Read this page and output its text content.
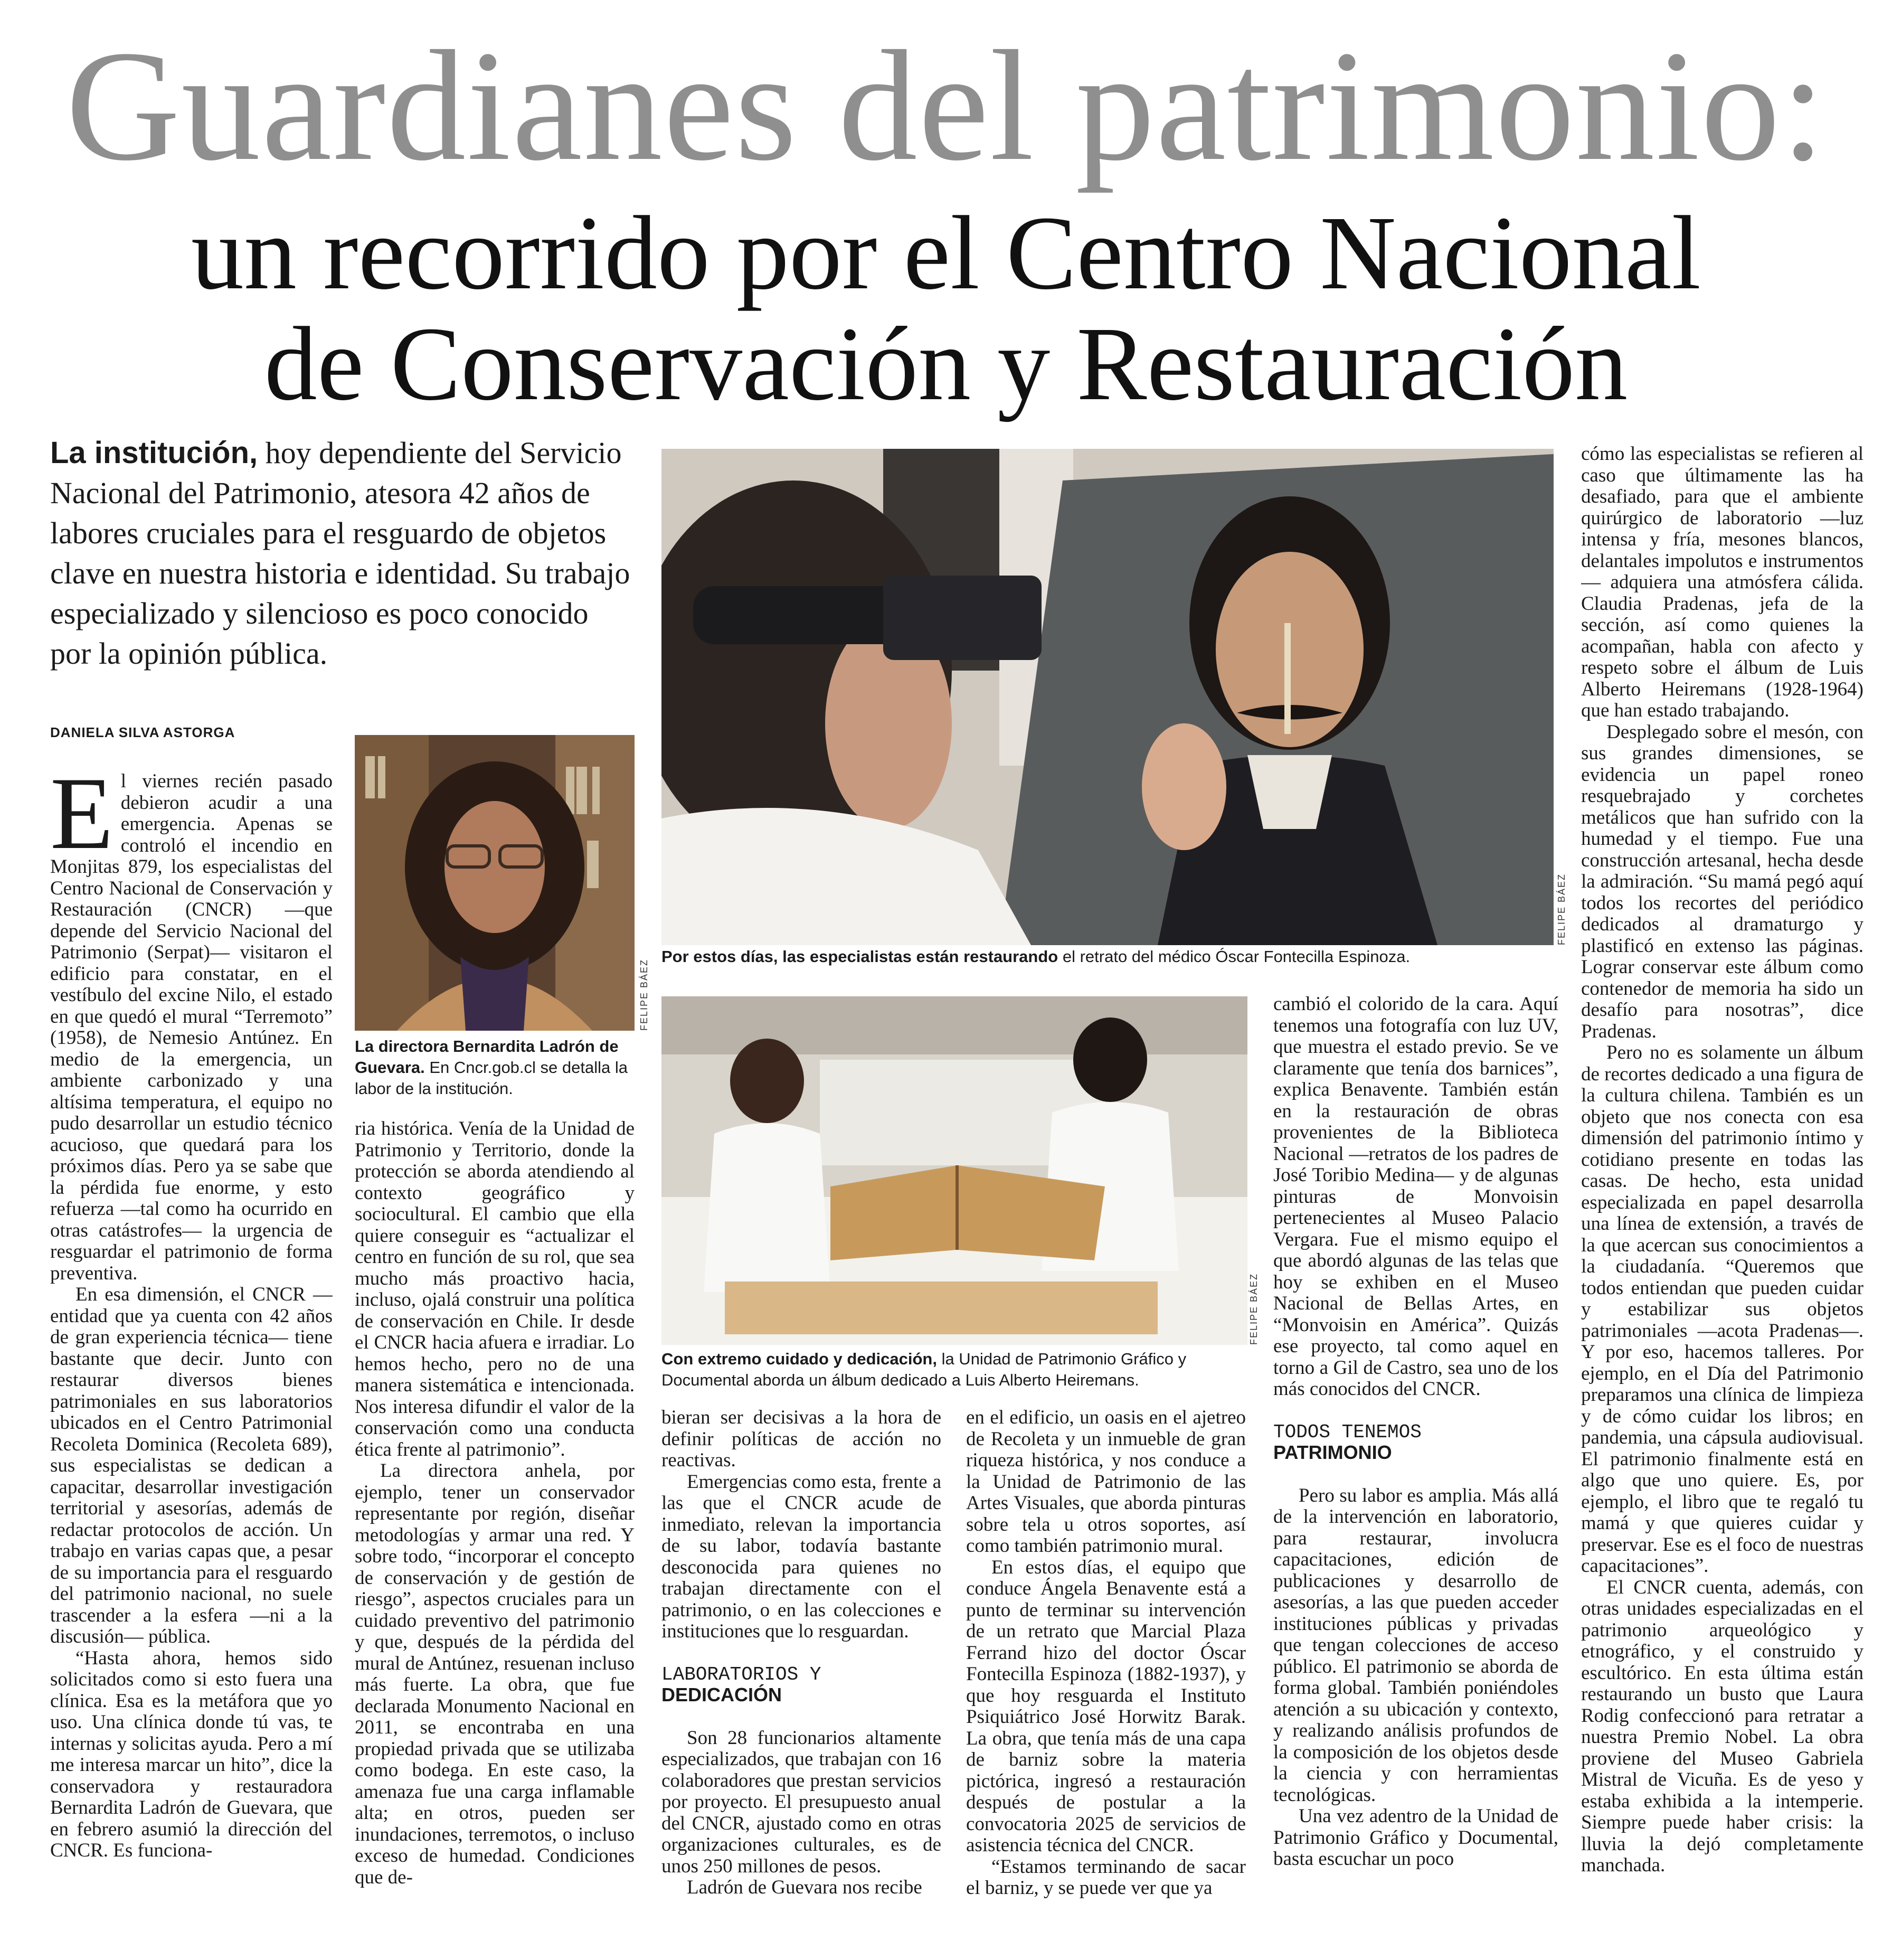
Guardianes del patrimonio:
un recorrido por el Centro Nacional
de Conservación y Restauración
La institución, hoy dependiente del Servicio Nacional del Patrimonio, atesora 42 años de labores cruciales para el resguardo de objetos clave en nuestra historia e identidad. Su trabajo especializado y silencioso es poco conocido por la opinión pública.
DANIELA SILVA ASTORGA
FELIPE BÁEZ
La directora Bernardita Ladrón de Guevara. En Cncr.gob.cl se detalla la labor de la institución.
FELIPE BÁEZ
Por estos días, las especialistas están restaurando el retrato del médico Óscar Fontecilla Espinoza.
FELIPE BÁEZ
Con extremo cuidado y dedicación, la Unidad de Patrimonio Gráfico y Documental aborda un álbum dedicado a Luis Alberto Heiremans.

El viernes recién pasado debieron acudir a una emergencia. Apenas se controló el incendio en Monjitas 879, los especialistas del Centro Nacional de Conservación y Restauración (CNCR) —que depende del Servicio Nacional del Patrimonio (Serpat)— visitaron el edificio para constatar, en el vestíbulo del excine Nilo, el estado en que quedó el mural “Terremoto” (1958), de Nemesio Antúnez. En medio de la emergencia, un ambiente carbonizado y una altísima temperatura, el equipo no pudo desarrollar un estudio técnico acucioso, que quedará para los próximos días. Pero ya se sabe que la pérdida fue enorme, y esto refuerza —tal como ha ocurrido en otras catástrofes— la urgencia de resguardar el patrimonio de forma preventiva.

En esa dimensión, el CNCR —entidad que ya cuenta con 42 años de gran experiencia técnica— tiene bastante que decir. Junto con restaurar diversos bienes patrimoniales en sus laboratorios ubicados en el Centro Patrimonial Recoleta Dominica (Recoleta 689), sus especialistas se dedican a capacitar, desarrollar investigación territorial y asesorías, además de redactar protocolos de acción. Un trabajo en varias capas que, a pesar de su importancia para el resguardo del patrimonio nacional, no suele trascender a la esfera —ni a la discusión— pública.

“Hasta ahora, hemos sido solicitados como si esto fuera una clínica. Esa es la metáfora que yo uso. Una clínica donde tú vas, te internas y solicitas ayuda. Pero a mí me interesa marcar un hito”, dice la conservadora y restauradora Bernardita Ladrón de Guevara, que en febrero asumió la dirección del CNCR. Es funciona-

ria histórica. Venía de la Unidad de Patrimonio y Territorio, donde la protección se aborda atendiendo al contexto geográfico y sociocultural. El cambio que ella quiere conseguir es “actualizar el centro en función de su rol, que sea mucho más proactivo hacia, incluso, ojalá construir una política de conservación en Chile. Ir desde el CNCR hacia afuera e irradiar. Lo hemos hecho, pero no de una manera sistemática e intencionada. Nos interesa difundir el valor de la conservación como una conducta ética frente al patrimonio”.

La directora anhela, por ejemplo, tener un conservador representante por región, diseñar metodologías y armar una red. Y sobre todo, “incorporar el concepto de conservación y de gestión de riesgo”, aspectos cruciales para un cuidado preventivo del patrimonio y que, después de la pérdida del mural de Antúnez, resuenan incluso más fuerte. La obra, que fue declarada Monumento Nacional en 2011, se encontraba en una propiedad privada que se utilizaba como bodega. En este caso, la amenaza fue una carga inflamable alta; en otros, pueden ser inundaciones, terremotos, o incluso exceso de humedad. Condiciones que de-

bieran ser decisivas a la hora de definir políticas de acción no reactivas.

Emergencias como esta, frente a las que el CNCR acude de inmediato, relevan la importancia de su labor, todavía bastante desconocida para quienes no trabajan directamente con el patrimonio, o en las colecciones e instituciones que lo resguardan.

LABORATORIOS Y
DEDICACIÓN

Son 28 funcionarios altamente especializados, que trabajan con 16 colaboradores que prestan servicios por proyecto. El presupuesto anual del CNCR, ajustado como en otras organizaciones culturales, es de unos 250 millones de pesos.

Ladrón de Guevara nos recibe

en el edificio, un oasis en el ajetreo de Recoleta y un inmueble de gran riqueza histórica, y nos conduce a la Unidad de Patrimonio de las Artes Visuales, que aborda pinturas sobre tela u otros soportes, así como también patrimonio mural.

En estos días, el equipo que conduce Ángela Benavente está a punto de terminar su intervención de un retrato que Marcial Plaza Ferrand hizo del doctor Óscar Fontecilla Espinoza (1882-1937), y que hoy resguarda el Instituto Psiquiátrico José Horwitz Barak. La obra, que tenía más de una capa de barniz sobre la materia pictórica, ingresó a restauración después de postular a la convocatoria 2025 de servicios de asistencia técnica del CNCR.

“Estamos terminando de sacar el barniz, y se puede ver que ya

cambió el colorido de la cara. Aquí tenemos una fotografía con luz UV, que muestra el estado previo. Se ve claramente que tenía dos barnices”, explica Benavente. También están en la restauración de obras provenientes de la Biblioteca Nacional —retratos de los padres de José Toribio Medina— y de algunas pinturas de Monvoisin pertenecientes al Museo Palacio Vergara. Fue el mismo equipo el que abordó algunas de las telas que hoy se exhiben en el Museo Nacional de Bellas Artes, en “Monvoisin en América”. Quizás ese proyecto, tal como aquel en torno a Gil de Castro, sea uno de los más conocidos del CNCR.

TODOS TENEMOS
PATRIMONIO

Pero su labor es amplia. Más allá de la intervención en laboratorio, para restaurar, involucra capacitaciones, edición de publicaciones y desarrollo de asesorías, a las que pueden acceder instituciones públicas y privadas que tengan colecciones de acceso público. El patrimonio se aborda de forma global. También poniéndoles atención a su ubicación y contexto, y realizando análisis profundos de la composición de los objetos desde la ciencia y con herramientas tecnológicas.

Una vez adentro de la Unidad de Patrimonio Gráfico y Documental, basta escuchar un poco

cómo las especialistas se refieren al caso que últimamente las ha desafiado, para que el ambiente quirúrgico de laboratorio —luz intensa y fría, mesones blancos, delantales impolutos e instrumentos— adquiera una atmósfera cálida. Claudia Pradenas, jefa de la sección, así como quienes la acompañan, habla con afecto y respeto sobre el álbum de Luis Alberto Heiremans (1928-1964) que han estado trabajando.

Desplegado sobre el mesón, con sus grandes dimensiones, se evidencia un papel roneo resquebrajado y corchetes metálicos que han sufrido con la humedad y el tiempo. Fue una construcción artesanal, hecha desde la admiración. “Su mamá pegó aquí todos los recortes del periódico dedicados al dramaturgo y plastificó en extenso las páginas. Lograr conservar este álbum como contenedor de memoria ha sido un desafío para nosotras”, dice Pradenas.

Pero no es solamente un álbum de recortes dedicado a una figura de la cultura chilena. También es un objeto que nos conecta con esa dimensión del patrimonio íntimo y cotidiano presente en todas las casas. De hecho, esta unidad especializada en papel desarrolla una línea de extensión, a través de la que acercan sus conocimientos a la ciudadanía. “Queremos que todos entiendan que pueden cuidar y estabilizar sus objetos patrimoniales —acota Pradenas—. Y por eso, hacemos talleres. Por ejemplo, en el Día del Patrimonio preparamos una clínica de limpieza y de cómo cuidar los libros; en pandemia, una cápsula audiovisual. El patrimonio finalmente está en algo que uno quiere. Es, por ejemplo, el libro que te regaló tu mamá y que quieres cuidar y preservar. Ese es el foco de nuestras capacitaciones”.

El CNCR cuenta, además, con otras unidades especializadas en el patrimonio arqueológico y etnográfico, y el construido y escultórico. En esta última están restaurando un busto que Laura Rodig confeccionó para retratar a nuestra Premio Nobel. La obra proviene del Museo Gabriela Mistral de Vicuña. Es de yeso y estaba exhibida a la intemperie. Siempre puede haber crisis: la lluvia la dejó completamente manchada.
